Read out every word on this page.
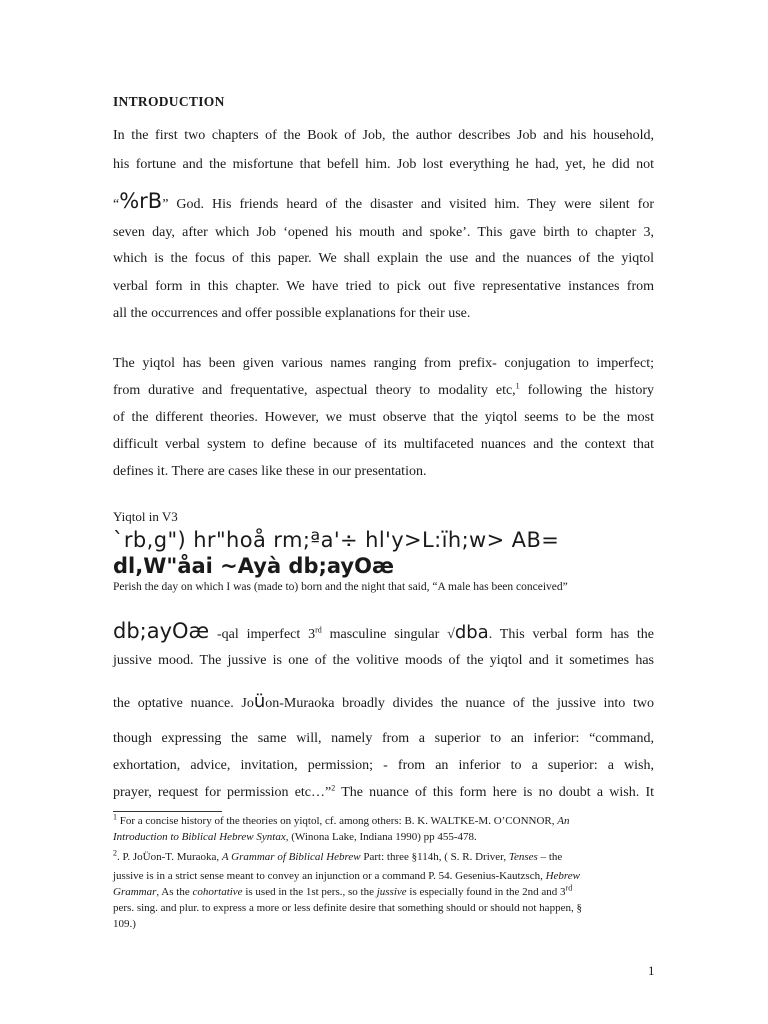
INTRODUCTION
In the first two chapters of the Book of Job, the author describes Job and his household,
his fortune and the misfortune that befell him. Job lost everything he had, yet, he did not
“%rB” God. His friends heard of the disaster and visited him. They were silent for
seven day, after which Job ‘opened his mouth and spoke’. This gave birth to chapter 3,
which is the focus of this paper. We shall explain the use and the nuances of the yiqtol
verbal form in this chapter. We have tried to pick out five representative instances from
all the occurrences and offer possible explanations for their use.
The yiqtol has been given various names ranging from prefix- conjugation to imperfect;
from durative and frequentative, aspectual theory to modality etc,$^1$ following the history
of the different theories. However, we must observe that the yiqtol seems to be the most
difficult verbal system to define because of its multifaceted nuances and the context that
defines it. There are cases like these in our presentation.
Yiqtol in V3
`rb,g") hr"hoå rm;ªa'÷ hl'y>L:ïh;w> AB=
dl,W"åai ~Ayà db;ayOæ
Perish the day on which I was (made to) born and the night that said, “A male has been conceived”
db;ayOæ -qal imperfect 3rd masculine singular √dba. This verbal form has the
jussive mood. The jussive is one of the volitive moods of the yiqtol and it sometimes has
the optative nuance. Joüon-Muraoka broadly divides the nuance of the jussive into two
though expressing the same will, namely from a superior to an inferior: “command,
exhortation, advice, invitation, permission; - from an inferior to a superior: a wish,
prayer, request for permission etc…”$^2$ The nuance of this form here is no doubt a wish. It
$^1$ For a concise history of the theories on yiqtol, cf. among others: B. K. WALTKE-M. O’CONNOR, An
Introduction to Biblical Hebrew Syntax, (Winona Lake, Indiana 1990) pp 455-478.
$^2$. P. JoÜon-T. Muraoka, A Grammar of Biblical Hebrew Part: three §114h, ( S. R. Driver, Tenses – the
jussive is in a strict sense meant to convey an injunction or a command P. 54. Gesenius-Kautzsch, Hebrew
Grammar, As the cohortative is used in the 1st pers., so the jussive is especially found in the 2nd and 3rd
pers. sing. and plur. to express a more or less definite desire that something should or should not happen, §
109.)
1
